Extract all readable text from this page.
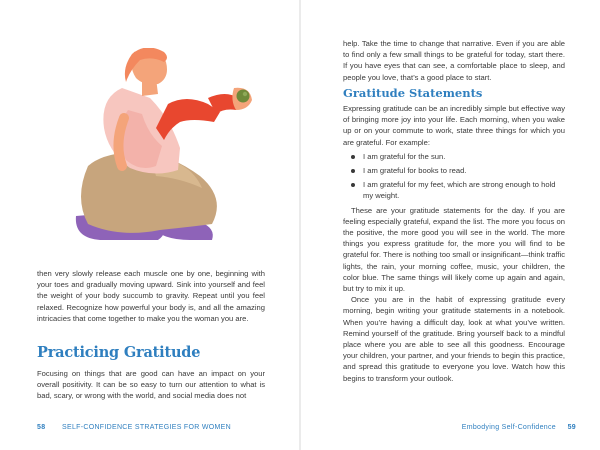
then very slowly release each muscle one by one, beginning with your toes and gradually moving upward. Sink into yourself and feel the weight of your body succumb to gravity. Repeat until you feel relaxed. Recognize how powerful your body is, and all the amazing intricacies that come together to make you the woman you are.

Practicing Gratitude

Focusing on things that are good can have an impact on your overall positivity. It can be so easy to turn our attention to what is bad, scary, or wrong with the world, and social media does not

58 SELF-CONFIDENCE STRATEGIES FOR WOMEN

help. Take the time to change that narrative. Even if you are able to find only a few small things to be grateful for today, start there. If you have eyes that can see, a comfortable place to sleep, and people you love, that’s a good place to start.

Gratitude Statements

Expressing gratitude can be an incredibly simple but effective way of bringing more joy into your life. Each morning, when you wake up or on your commute to work, state three things for which you are grateful. For example:

I am grateful for the sun.
I am grateful for books to read.
I am grateful for my feet, which are strong enough to hold my weight.

These are your gratitude statements for the day. If you are feeling especially grateful, expand the list. The more you focus on the positive, the more good you will see in the world. The more things you express gratitude for, the more you will find to be grateful for. There is nothing too small or insignificant—think traffic lights, the rain, your morning coffee, music, your children, the color blue. The same things will likely come up again and again, but try to mix it up.

Once you are in the habit of expressing gratitude every morning, begin writing your gratitude statements in a notebook. When you’re having a difficult day, look at what you’ve written. Remind yourself of the gratitude. Bring yourself back to a mindful place where you are able to see all this goodness. Encourage your children, your partner, and your friends to begin this practice, and spread this gratitude to everyone you love. Watch how this begins to transform your outlook.

Embodying Self-Confidence 59
